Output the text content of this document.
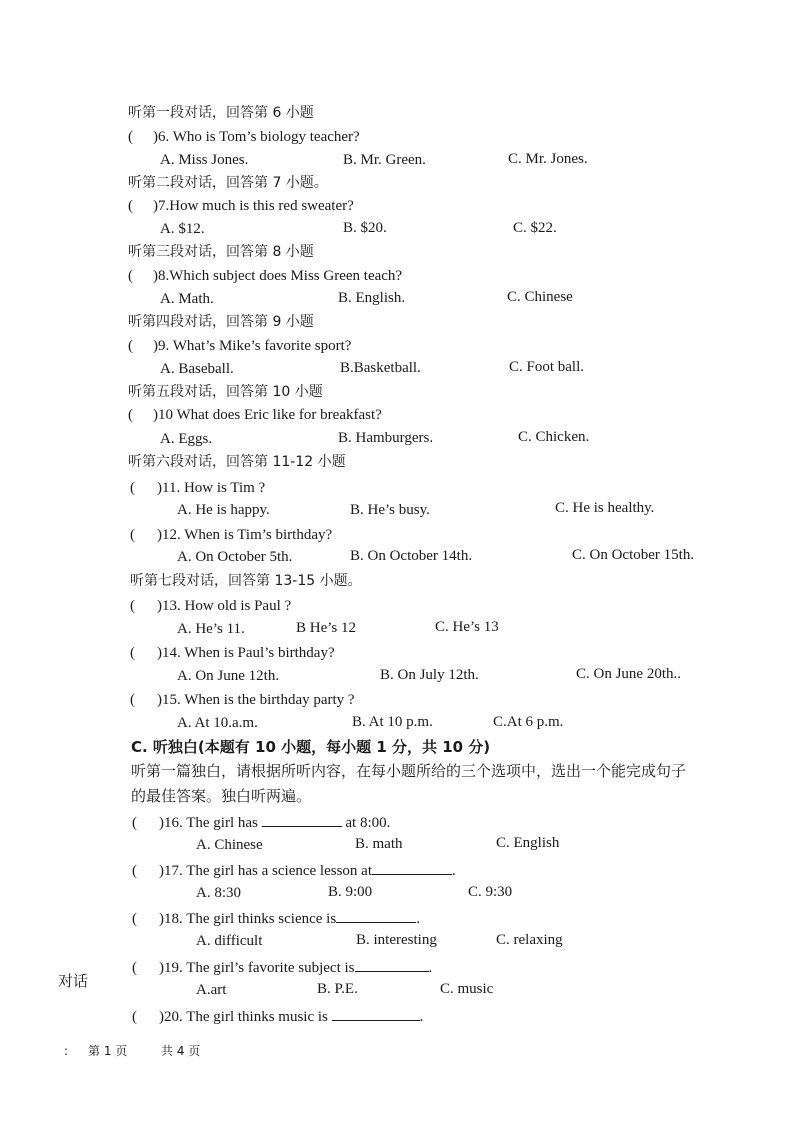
听第一段对话，回答第 6 小题
( )6. Who is Tom’s biology teacher?
A. Miss Jones.	B. Mr. Green.	C. Mr. Jones.
听第二段对话，回答第 7 小题。
( )7.How much is this red sweater?
A. $12.	B. $20.	C. $22.
听第三段对话，回答第 8 小题
( )8.Which subject does Miss Green teach?
A. Math.	B. English.	C. Chinese
听第四段对话，回答第 9 小题
( )9. What’s Mike’s favorite sport?
A. Baseball.	B.Basketball.	C. Foot ball.
听第五段对话，回答第 10 小题
( )10 What does Eric like for breakfast?
A. Eggs.	B. Hamburgers.	C. Chicken.
听第六段对话，回答第 11-12 小题
( )11. How is Tim ?
A. He is happy.	B. He’s busy.	C. He is healthy.
( )12. When is Tim’s birthday?
A. On October 5th.	B. On October 14th.	C. On October 15th.
听第七段对话，回答第 13-15 小题。
( )13. How old is Paul ?
A. He’s 11.	B He’s 12	C. He’s 13
( )14. When is Paul’s birthday?
A. On June 12th.	B. On July 12th.	C. On June 20th..
( )15. When is the birthday party ?
A. At 10.a.m.	B. At 10 p.m.	C.At 6 p.m.
C. 听独白(本题有 10 小题，每小题 1 分，共 10 分)
听第一篇独白，请根据所听内容，在每小题所给的三个选项中，选出一个能完成句子
的最佳答案。独白听两遍。
( )16. The girl has	at 8:00.
A. Chinese	B. math	C. English
( )17. The girl has a science lesson at	.
A. 8:30	B. 9:00	C. 9:30
( )18. The girl thinks science is	.
A. difficult	B. interesting	C. relaxing
对话
( )19. The girl’s favorite subject is	.
A.art	B. P.E.	C. music
( )20. The girl thinks music is	.
: 第 1 页	共 4 页
